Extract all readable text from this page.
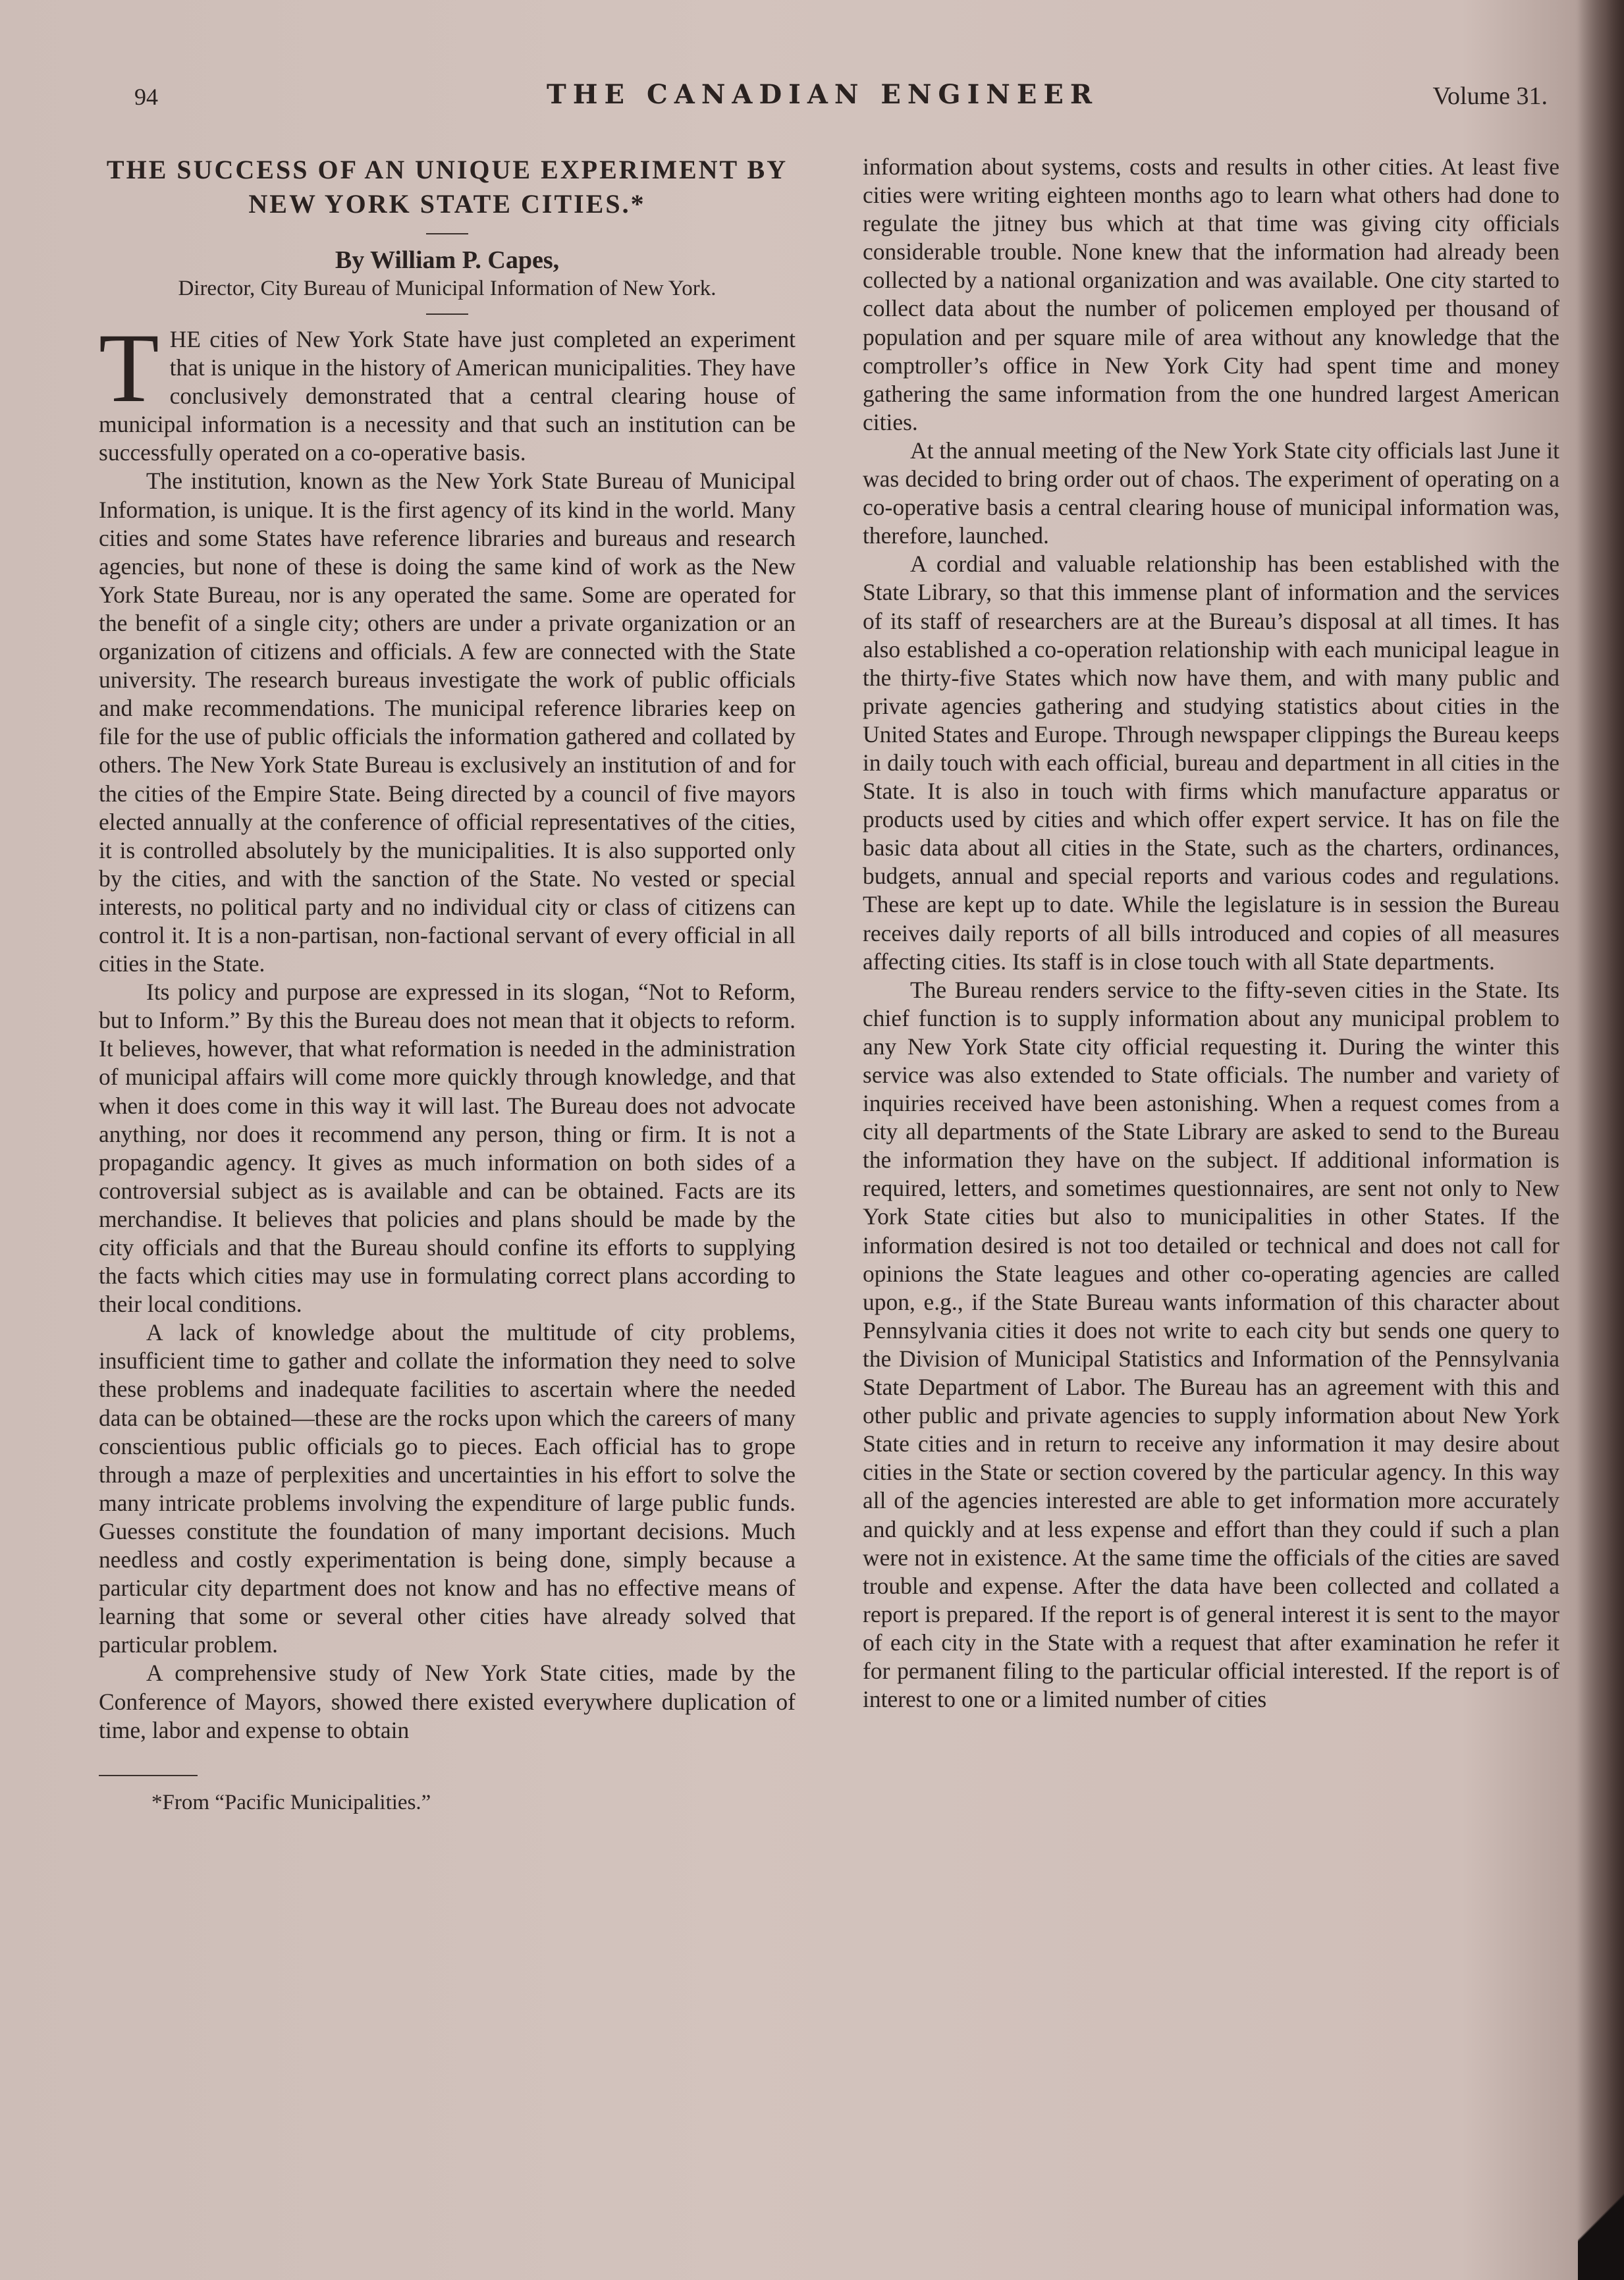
94	THE CANADIAN ENGINEER	Volume 31.
THE SUCCESS OF AN UNIQUE EXPERIMENT BY NEW YORK STATE CITIES.*
By William P. Capes,
Director, City Bureau of Municipal Information of New York.

THE cities of New York State have just completed an experiment that is unique in the history of American municipalities. They have conclusively demonstrated that a central clearing house of municipal information is a necessity and that such an institution can be successfully operated on a co-operative basis.

The institution, known as the New York State Bureau of Municipal Information, is unique. It is the first agency of its kind in the world. Many cities and some States have reference libraries and bureaus and research agencies, but none of these is doing the same kind of work as the New York State Bureau, nor is any operated the same. Some are operated for the benefit of a single city; others are under a private organization or an organization of citizens and officials. A few are connected with the State university. The research bureaus investigate the work of public officials and make recommendations. The municipal reference libraries keep on file for the use of public officials the information gathered and collated by others. The New York State Bureau is exclusively an institution of and for the cities of the Empire State. Being directed by a council of five mayors elected annually at the conference of official representatives of the cities, it is controlled absolutely by the municipalities. It is also supported only by the cities, and with the sanction of the State. No vested or special interests, no political party and no individual city or class of citizens can control it. It is a non-partisan, non-factional servant of every official in all cities in the State.

Its policy and purpose are expressed in its slogan, “Not to Reform, but to Inform.” By this the Bureau does not mean that it objects to reform. It believes, however, that what reformation is needed in the administration of municipal affairs will come more quickly through knowledge, and that when it does come in this way it will last. The Bureau does not advocate anything, nor does it recommend any person, thing or firm. It is not a propagandic agency. It gives as much information on both sides of a controversial subject as is available and can be obtained. Facts are its merchandise. It believes that policies and plans should be made by the city officials and that the Bureau should confine its efforts to supplying the facts which cities may use in formulating correct plans according to their local conditions.

A lack of knowledge about the multitude of city problems, insufficient time to gather and collate the information they need to solve these problems and inadequate facilities to ascertain where the needed data can be obtained—these are the rocks upon which the careers of many conscientious public officials go to pieces. Each official has to grope through a maze of perplexities and uncertainties in his effort to solve the many intricate problems involving the expenditure of large public funds. Guesses constitute the foundation of many important decisions. Much needless and costly experimentation is being done, simply because a particular city department does not know and has no effective means of learning that some or several other cities have already solved that particular problem.

A comprehensive study of New York State cities, made by the Conference of Mayors, showed there existed everywhere duplication of time, labor and expense to obtain

*From “Pacific Municipalities.”

information about systems, costs and results in other cities. At least five cities were writing eighteen months ago to learn what others had done to regulate the jitney bus which at that time was giving city officials considerable trouble. None knew that the information had already been collected by a national organization and was available. One city started to collect data about the number of policemen employed per thousand of population and per square mile of area without any knowledge that the comptroller’s office in New York City had spent time and money gathering the same information from the one hundred largest American cities.

At the annual meeting of the New York State city officials last June it was decided to bring order out of chaos. The experiment of operating on a co-operative basis a central clearing house of municipal information was, therefore, launched.

A cordial and valuable relationship has been established with the State Library, so that this immense plant of information and the services of its staff of researchers are at the Bureau’s disposal at all times. It has also established a co-operation relationship with each municipal league in the thirty-five States which now have them, and with many public and private agencies gathering and studying statistics about cities in the United States and Europe. Through newspaper clippings the Bureau keeps in daily touch with each official, bureau and department in all cities in the State. It is also in touch with firms which manufacture apparatus or products used by cities and which offer expert service. It has on file the basic data about all cities in the State, such as the charters, ordinances, budgets, annual and special reports and various codes and regulations. These are kept up to date. While the legislature is in session the Bureau receives daily reports of all bills introduced and copies of all measures affecting cities. Its staff is in close touch with all State departments.

The Bureau renders service to the fifty-seven cities in the State. Its chief function is to supply information about any municipal problem to any New York State city official requesting it. During the winter this service was also extended to State officials. The number and variety of inquiries received have been astonishing. When a request comes from a city all departments of the State Library are asked to send to the Bureau the information they have on the subject. If additional information is required, letters, and sometimes questionnaires, are sent not only to New York State cities but also to municipalities in other States. If the information desired is not too detailed or technical and does not call for opinions the State leagues and other co-operating agencies are called upon, e.g., if the State Bureau wants information of this character about Pennsylvania cities it does not write to each city but sends one query to the Division of Municipal Statistics and Information of the Pennsylvania State Department of Labor. The Bureau has an agreement with this and other public and private agencies to supply information about New York State cities and in return to receive any information it may desire about cities in the State or section covered by the particular agency. In this way all of the agencies interested are able to get information more accurately and quickly and at less expense and effort than they could if such a plan were not in existence. At the same time the officials of the cities are saved trouble and expense. After the data have been collected and collated a report is prepared. If the report is of general interest it is sent to the mayor of each city in the State with a request that after examination he refer it for permanent filing to the particular official interested. If the report is of interest to one or a limited number of cities
